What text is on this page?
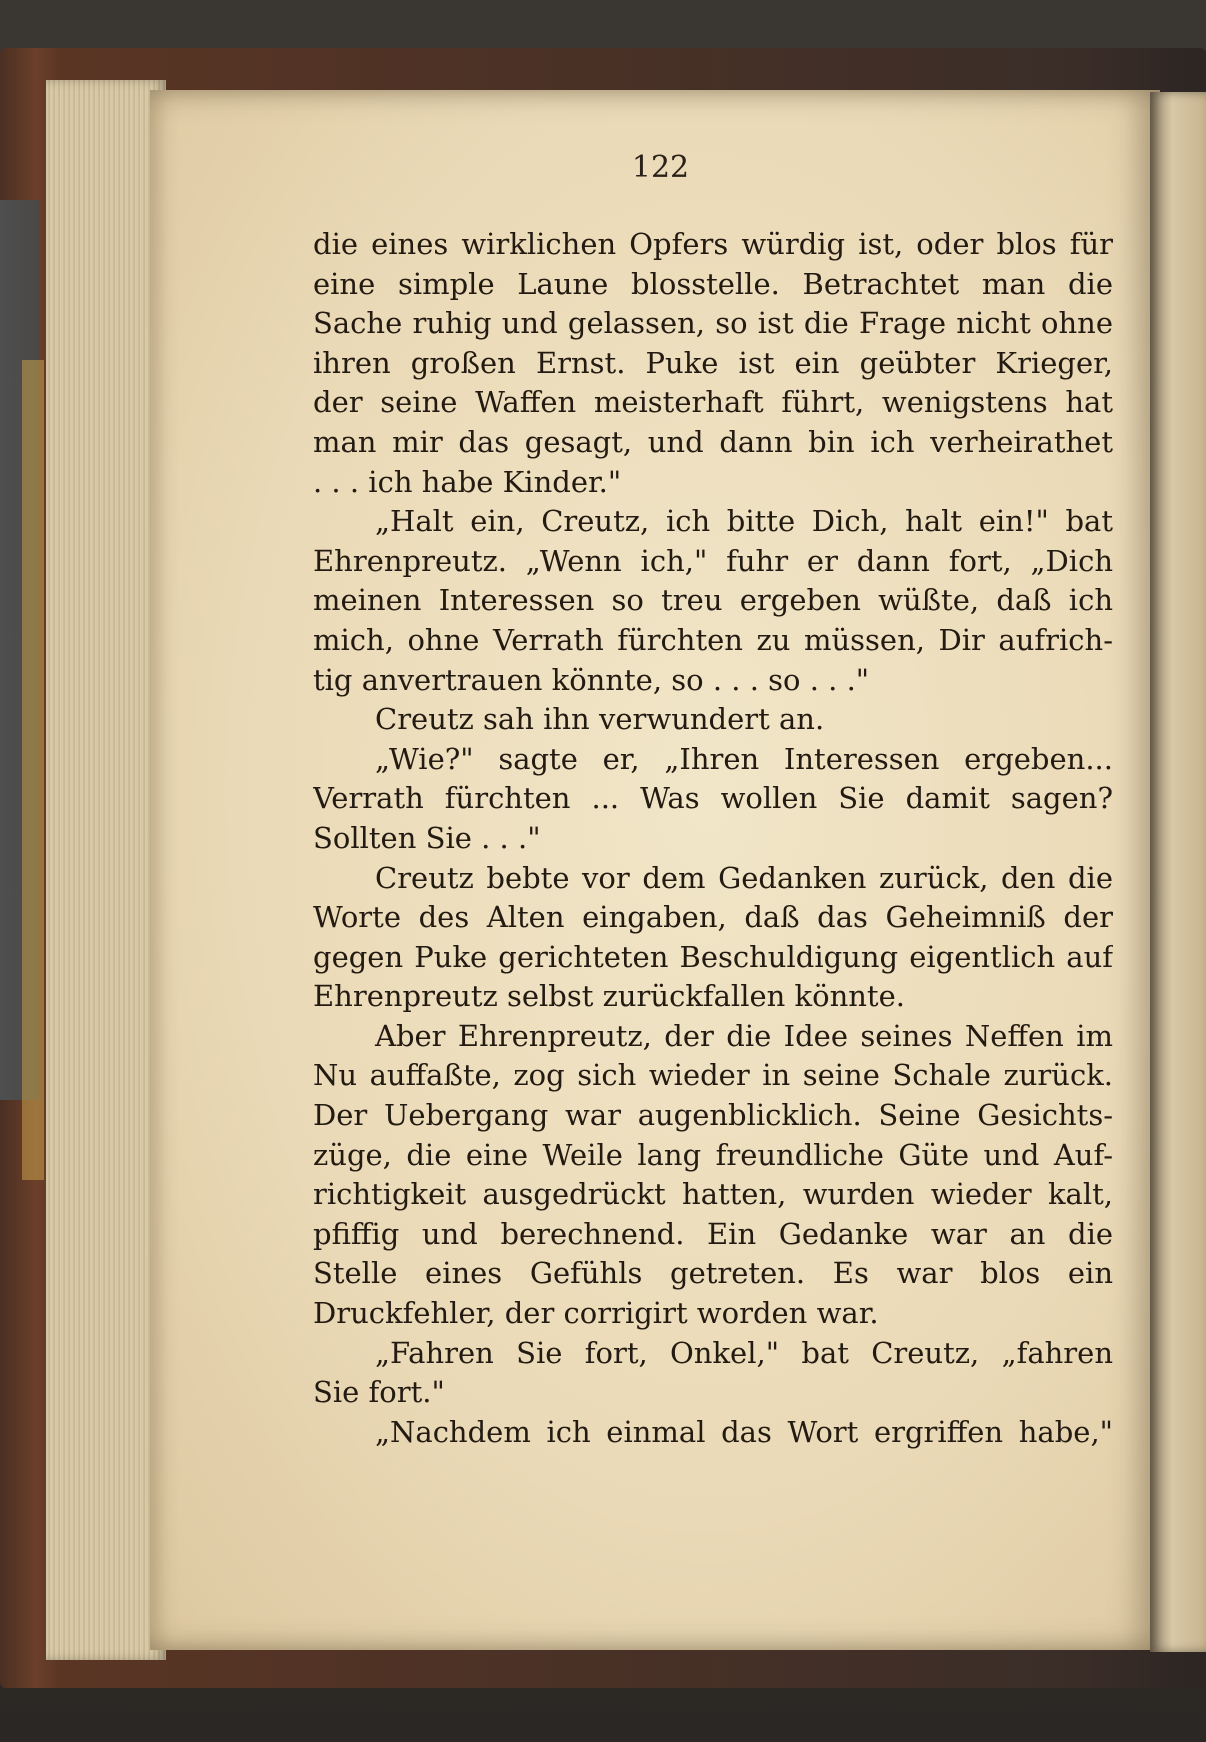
122
die eines wirklichen Opfers würdig ist, oder blos für
eine simple Laune blosstelle. Betrachtet man die
Sache ruhig und gelassen, so ist die Frage nicht ohne
ihren großen Ernst. Puke ist ein geübter Krieger,
der seine Waffen meisterhaft führt, wenigstens hat
man mir das gesagt, und dann bin ich verheirathet
. . . ich habe Kinder."
„Halt ein, Creutz, ich bitte Dich, halt ein!" bat
Ehrenpreutz. „Wenn ich," fuhr er dann fort, „Dich
meinen Interessen so treu ergeben wüßte, daß ich
mich, ohne Verrath fürchten zu müssen, Dir aufrich-
tig anvertrauen könnte, so . . . so . . ."
Creutz sah ihn verwundert an.
„Wie?" sagte er, „Ihren Interessen ergeben...
Verrath fürchten ... Was wollen Sie damit sagen?
Sollten Sie . . ."
Creutz bebte vor dem Gedanken zurück, den die
Worte des Alten eingaben, daß das Geheimniß der
gegen Puke gerichteten Beschuldigung eigentlich auf
Ehrenpreutz selbst zurückfallen könnte.
Aber Ehrenpreutz, der die Idee seines Neffen im
Nu auffaßte, zog sich wieder in seine Schale zurück.
Der Uebergang war augenblicklich. Seine Gesichts-
züge, die eine Weile lang freundliche Güte und Auf-
richtigkeit ausgedrückt hatten, wurden wieder kalt,
pfiffig und berechnend. Ein Gedanke war an die
Stelle eines Gefühls getreten. Es war blos ein
Druckfehler, der corrigirt worden war.
„Fahren Sie fort, Onkel," bat Creutz, „fahren
Sie fort."
„Nachdem ich einmal das Wort ergriffen habe,"
